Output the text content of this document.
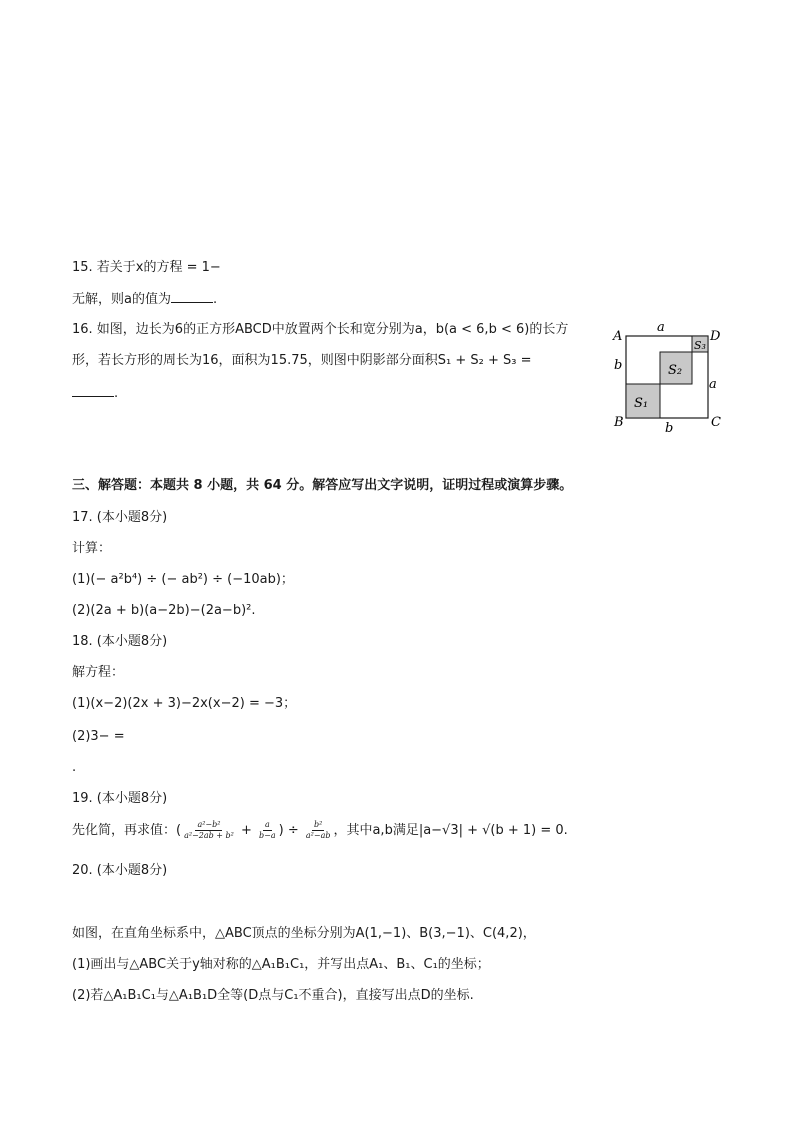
15. 若关于x的方程 = 1−
无解，则a的值为	.
16. 如图，边长为6的正方形ABCD中放置两个长和宽分别为a，b(a < 6,b < 6)的长方
形，若长方形的周长为16，面积为15.75，则图中阴影部分面积S₁ + S₂ + S₃ =
.
A	D
B	C
a
b
a
b
S₃
S₂
S₁
三、解答题：本题共 8 小题，共 64 分。解答应写出文字说明，证明过程或演算步骤。
17. (本小题8分)
计算：
(1)(− a²b⁴) ÷ (− ab²) ÷ (−10ab)；
(2)(2a + b)(a−2b)−(2a−b)².
18. (本小题8分)
解方程：
(1)(x−2)(2x + 3)−2x(x−2) = −3；
(2)3− =
.
19. (本小题8分)
先化简，再求值：( $\frac{\text{a²−b²}}{\text{a²−2ab + b²}} + \frac{a}{b-a}$ ) ÷ $\frac{\text{b²}}{\text{a²−ab}}$ ，其中a,b满足|a−√3| + √(b + 1) = 0.
20. (本小题8分)
如图，在直角坐标系中，△ABC顶点的坐标分别为A(1,−1)、B(3,−1)、C(4,2)，
(1)画出与△ABC关于y轴对称的△A₁B₁C₁，并写出点A₁、B₁、C₁的坐标；
(2)若△A₁B₁C₁与△A₁B₁D全等(D点与C₁不重合)，直接写出点D的坐标.
